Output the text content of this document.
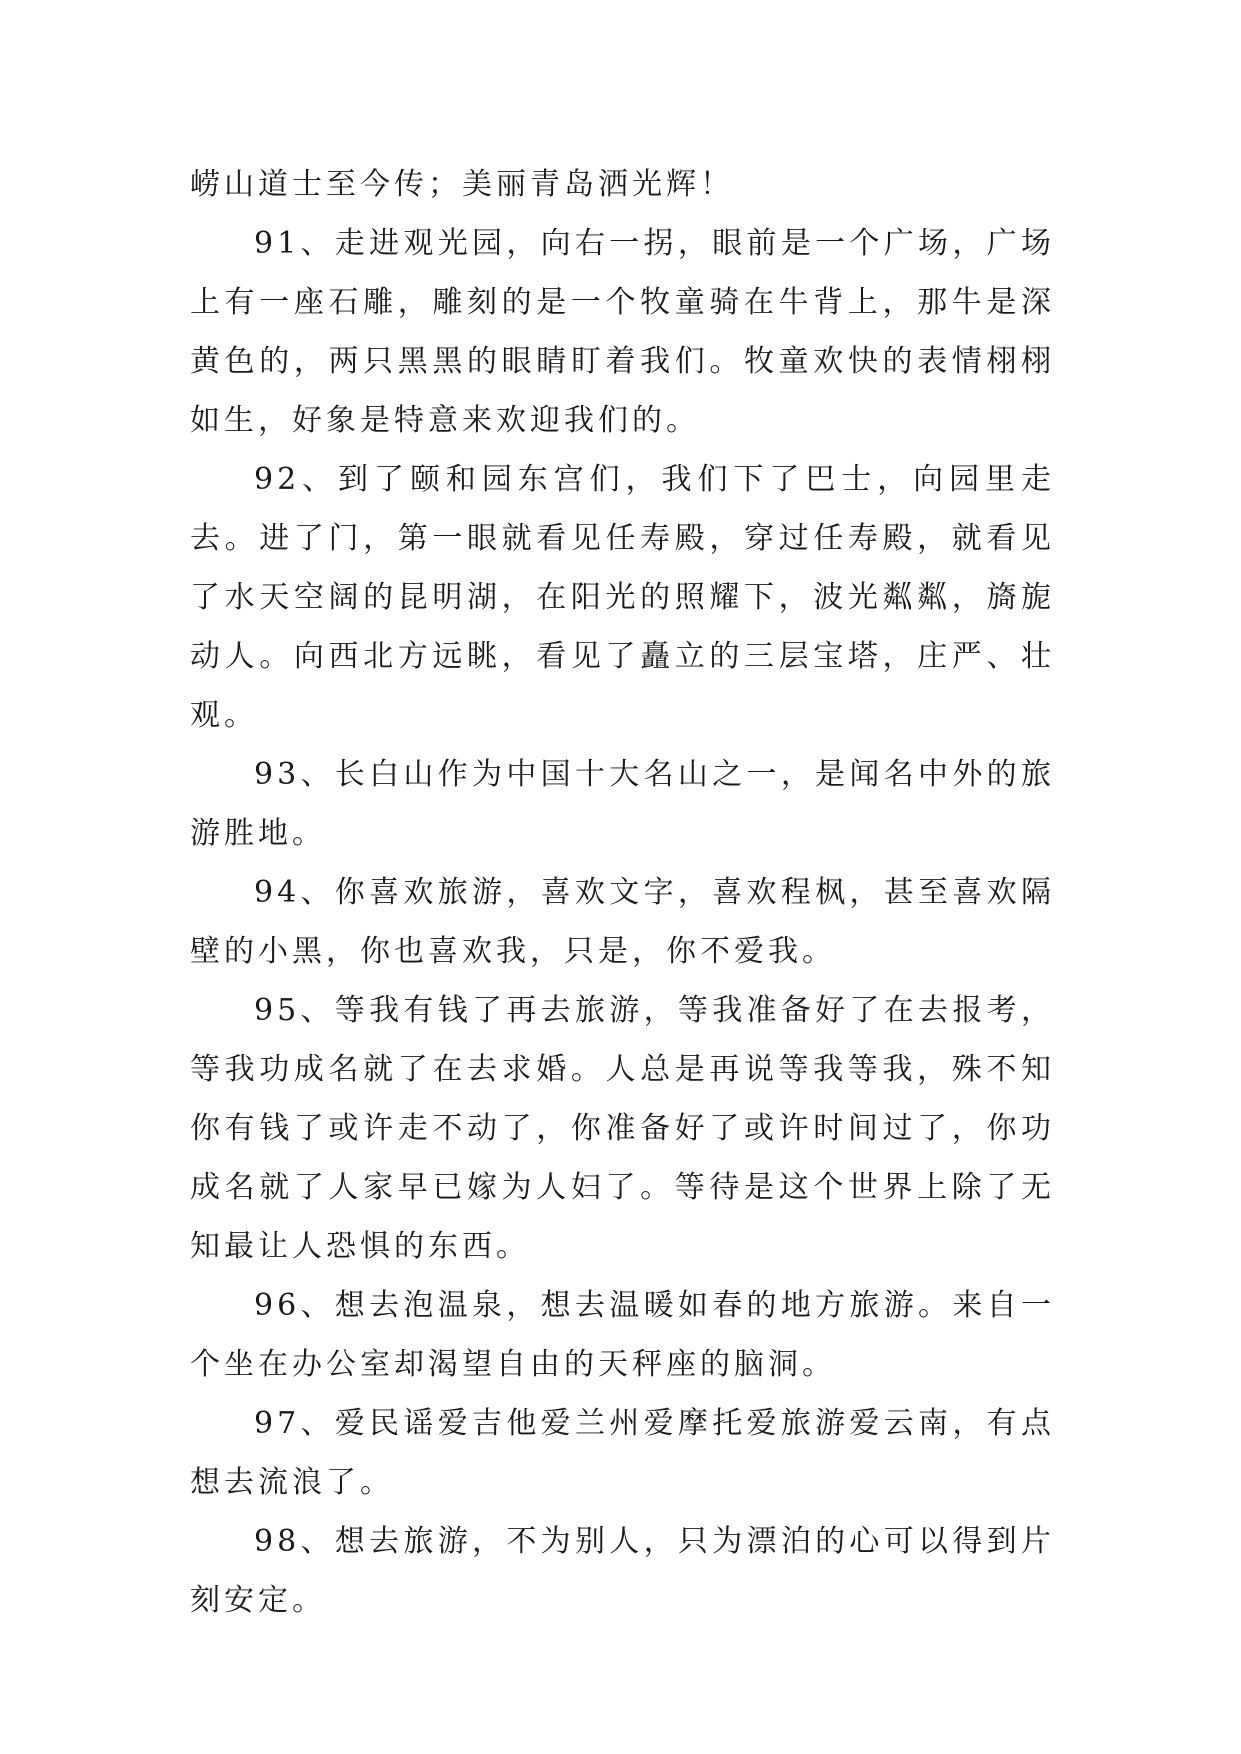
崂山道士至今传；美丽青岛洒光辉！

91、走进观光园，向右一拐，眼前是一个广场，广场上有一座石雕，雕刻的是一个牧童骑在牛背上，那牛是深黄色的，两只黑黑的眼睛盯着我们。牧童欢快的表情栩栩如生，好象是特意来欢迎我们的。

92、到了颐和园东宫们，我们下了巴士，向园里走去。进了门，第一眼就看见任寿殿，穿过任寿殿，就看见了水天空阔的昆明湖，在阳光的照耀下，波光粼粼，旖旎动人。向西北方远眺，看见了矗立的三层宝塔，庄严、壮观。

93、长白山作为中国十大名山之一，是闻名中外的旅游胜地。

94、你喜欢旅游，喜欢文字，喜欢程枫，甚至喜欢隔壁的小黑，你也喜欢我，只是，你不爱我。

95、等我有钱了再去旅游，等我准备好了在去报考，等我功成名就了在去求婚。人总是再说等我等我，殊不知你有钱了或许走不动了，你准备好了或许时间过了，你功成名就了人家早已嫁为人妇了。等待是这个世界上除了无知最让人恐惧的东西。

96、想去泡温泉，想去温暖如春的地方旅游。来自一个坐在办公室却渴望自由的天秤座的脑洞。

97、爱民谣爱吉他爱兰州爱摩托爱旅游爱云南，有点想去流浪了。

98、想去旅游，不为别人，只为漂泊的心可以得到片刻安定。
